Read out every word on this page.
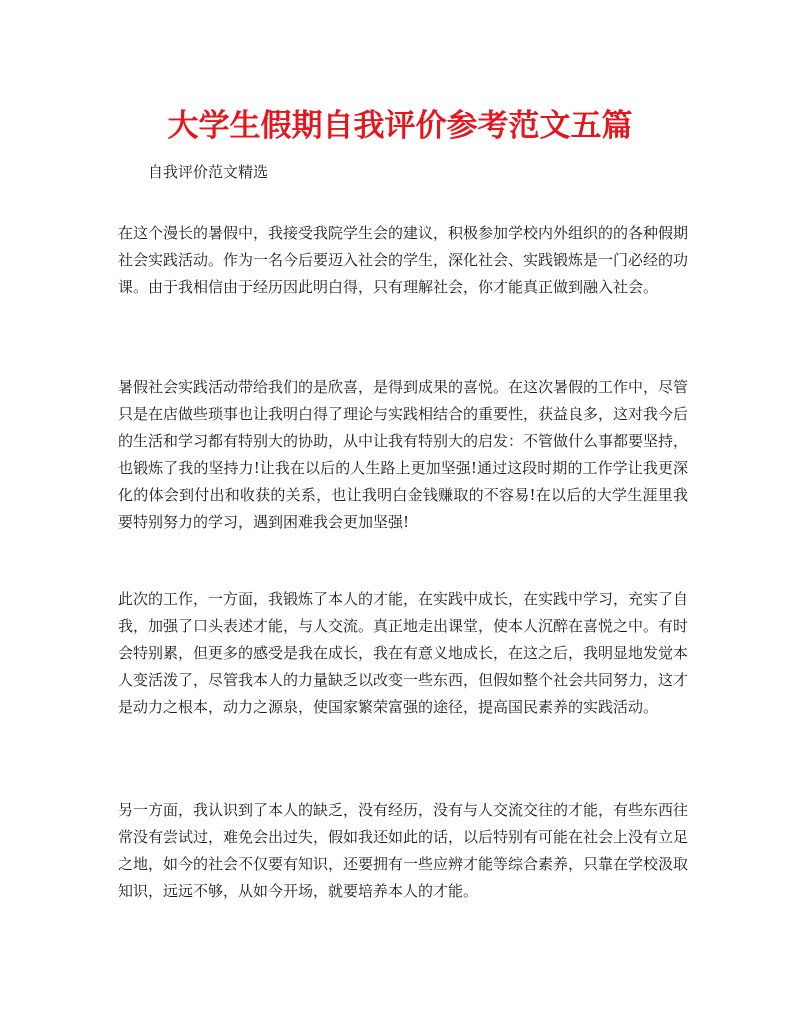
大学生假期自我评价参考范文五篇

自我评价范文精选

在这个漫长的暑假中，我接受我院学生会的建议，积极参加学校内外组织的的各种假期社会实践活动。作为一名今后要迈入社会的学生，深化社会、实践锻炼是一门必经的功课。由于我相信由于经历因此明白得，只有理解社会，你才能真正做到融入社会。

暑假社会实践活动带给我们的是欣喜，是得到成果的喜悦。在这次暑假的工作中，尽管只是在店做些琐事也让我明白得了理论与实践相结合的重要性，获益良多，这对我今后的生活和学习都有特别大的协助，从中让我有特别大的启发：不管做什么事都要坚持，也锻炼了我的坚持力!让我在以后的人生路上更加坚强!通过这段时期的工作学让我更深化的体会到付出和收获的关系，也让我明白金钱赚取的不容易!在以后的大学生涯里我要特别努力的学习，遇到困难我会更加坚强!

此次的工作，一方面，我锻炼了本人的才能，在实践中成长，在实践中学习，充实了自我，加强了口头表述才能，与人交流。真正地走出课堂，使本人沉醉在喜悦之中。有时会特别累，但更多的感受是我在成长，我在有意义地成长，在这之后，我明显地发觉本人变活泼了，尽管我本人的力量缺乏以改变一些东西，但假如整个社会共同努力，这才是动力之根本，动力之源泉，使国家繁荣富强的途径，提高国民素养的实践活动。

另一方面，我认识到了本人的缺乏，没有经历，没有与人交流交往的才能，有些东西往常没有尝试过，难免会出过失，假如我还如此的话，以后特别有可能在社会上没有立足之地，如今的社会不仅要有知识，还要拥有一些应辨才能等综合素养，只靠在学校汲取知识，远远不够，从如今开场，就要培养本人的才能。
